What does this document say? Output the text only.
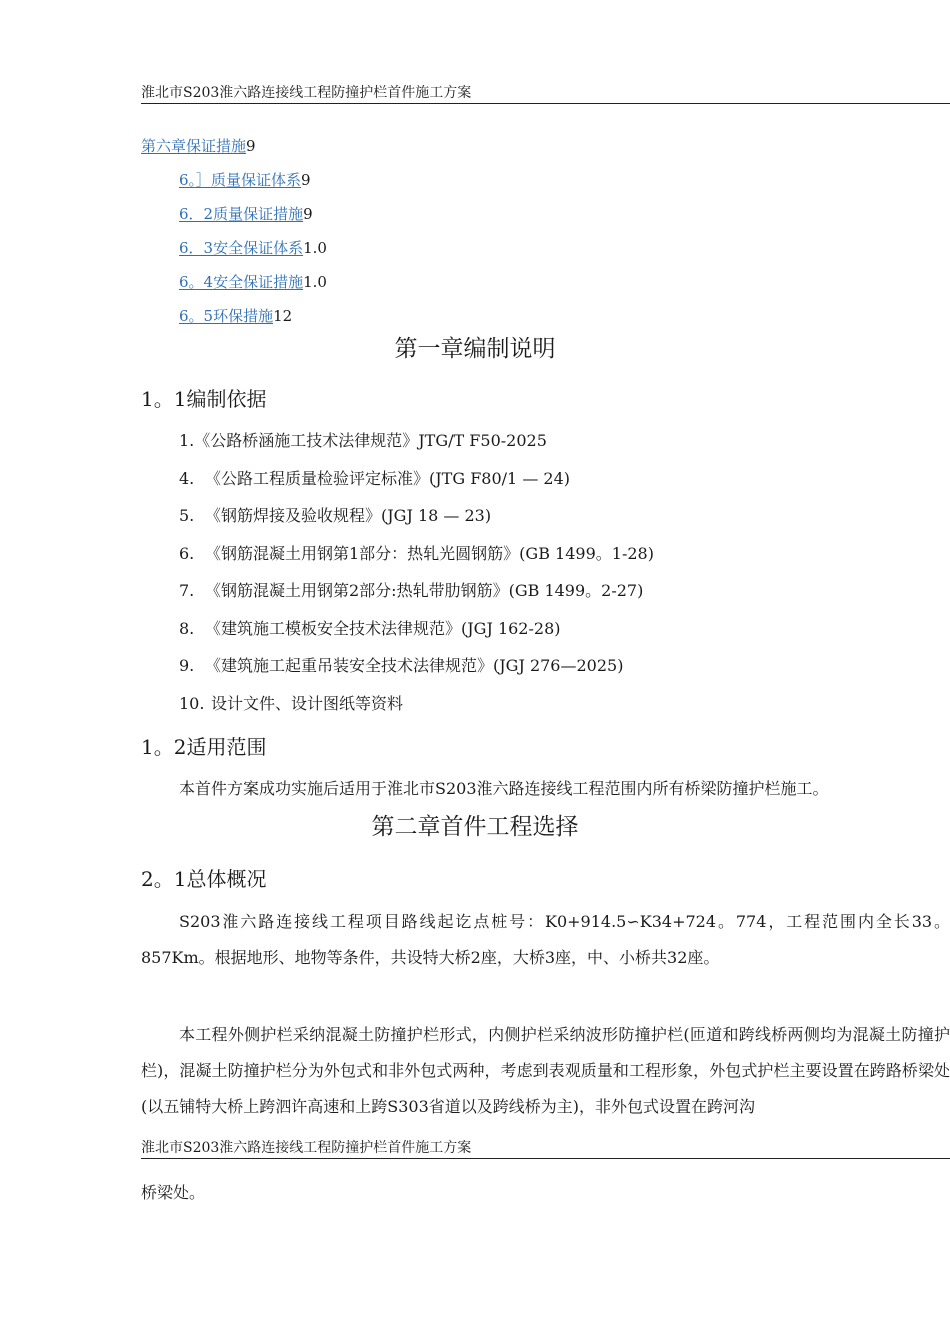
淮北市S203淮六路连接线工程防撞护栏首件施工方案
第六章保证措施9
6。］质量保证体系9
6．2质量保证措施9
6．3安全保证体系1.0
6。4安全保证措施1.0
6。5环保措施12
第一章编制说明
1。1编制依据
1.《公路桥涵施工技术法律规范》JTG/T F50-2025
4. 《公路工程质量检验评定标准》(JTG F80/1 — 24)
5. 《钢筋焊接及验收规程》(JGJ 18 — 23)
6. 《钢筋混凝土用钢第1部分：热轧光圆钢筋》(GB 1499。1-28)
7. 《钢筋混凝土用钢第2部分:热轧带肋钢筋》(GB 1499。2-27)
8. 《建筑施工模板安全技术法律规范》(JGJ 162-28)
9. 《建筑施工起重吊装安全技术法律规范》(JGJ 276—2025)
10. 设计文件、设计图纸等资料
1。2适用范围
本首件方案成功实施后适用于淮北市S203淮六路连接线工程范围内所有桥梁防撞护栏施工。
第二章首件工程选择
2。1总体概况
S203淮六路连接线工程项目路线起讫点桩号：K0+914.5∽K34+724。774，工程范围内全长33。857Km。根据地形、地物等条件，共设特大桥2座，大桥3座，中、小桥共32座。
本工程外侧护栏采纳混凝土防撞护栏形式，内侧护栏采纳波形防撞护栏(匝道和跨线桥两侧均为混凝土防撞护栏)，混凝土防撞护栏分为外包式和非外包式两种，考虑到表观质量和工程形象，外包式护栏主要设置在跨路桥梁处(以五铺特大桥上跨泗许高速和上跨S303省道以及跨线桥为主)，非外包式设置在跨河沟
淮北市S203淮六路连接线工程防撞护栏首件施工方案
桥梁处。
